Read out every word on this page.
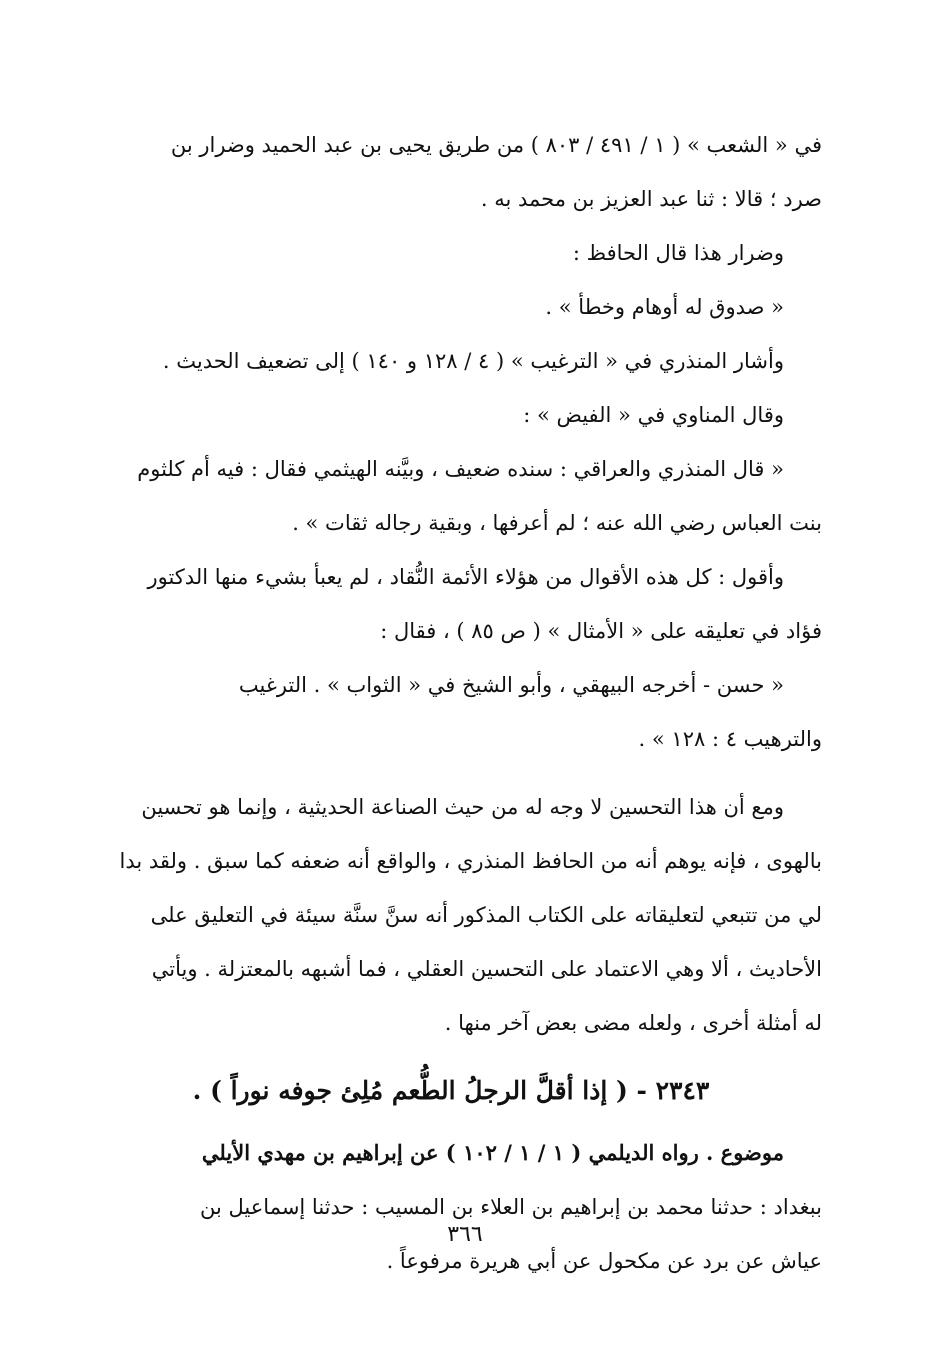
في « الشعب » ( ١ / ٤٩١ / ٨٠٣ ) من طريق يحيى بن عبد الحميد وضرار بن
صرد ؛ قالا : ثنا عبد العزيز بن محمد به .
وضرار هذا قال الحافظ :
« صدوق له أوهام وخطأ » .
وأشار المنذري في « الترغيب » ( ٤ / ١٢٨ و ١٤٠ ) إلى تضعيف الحديث .
وقال المناوي في « الفيض » :
« قال المنذري والعراقي : سنده ضعيف ، وبيَّنه الهيثمي فقال : فيه أم كلثوم
بنت العباس رضي الله عنه ؛ لم أعرفها ، وبقية رجاله ثقات » .
وأقول : كل هذه الأقوال من هؤلاء الأئمة النُّقاد ، لم يعبأ بشيء منها الدكتور
فؤاد في تعليقه على « الأمثال » ( ص ٨٥ ) ، فقال :
« حسن - أخرجه البيهقي ، وأبو الشيخ في « الثواب » . الترغيب
والترهيب ٤ : ١٢٨ » .
ومع أن هذا التحسين لا وجه له من حيث الصناعة الحديثية ، وإنما هو تحسين
بالهوى ، فإنه يوهم أنه من الحافظ المنذري ، والواقع أنه ضعفه كما سبق . ولقد بدا
لي من تتبعي لتعليقاته على الكتاب المذكور أنه سنَّ سنَّة سيئة في التعليق على
الأحاديث ، ألا وهي الاعتماد على التحسين العقلي ، فما أشبهه بالمعتزلة . ويأتي
له أمثلة أخرى ، ولعله مضى بعض آخر منها .
٢٣٤٣ - ( إذا أقلَّ الرجلُ الطُّعم مُلِئ جوفه نوراً ) .
موضوع . رواه الديلمي ( ١ / ١ / ١٠٢ ) عن إبراهيم بن مهدي الأيلي
ببغداد : حدثنا محمد بن إبراهيم بن العلاء بن المسيب : حدثنا إسماعيل بن
عياش عن برد عن مكحول عن أبي هريرة مرفوعاً .
٣٦٦
